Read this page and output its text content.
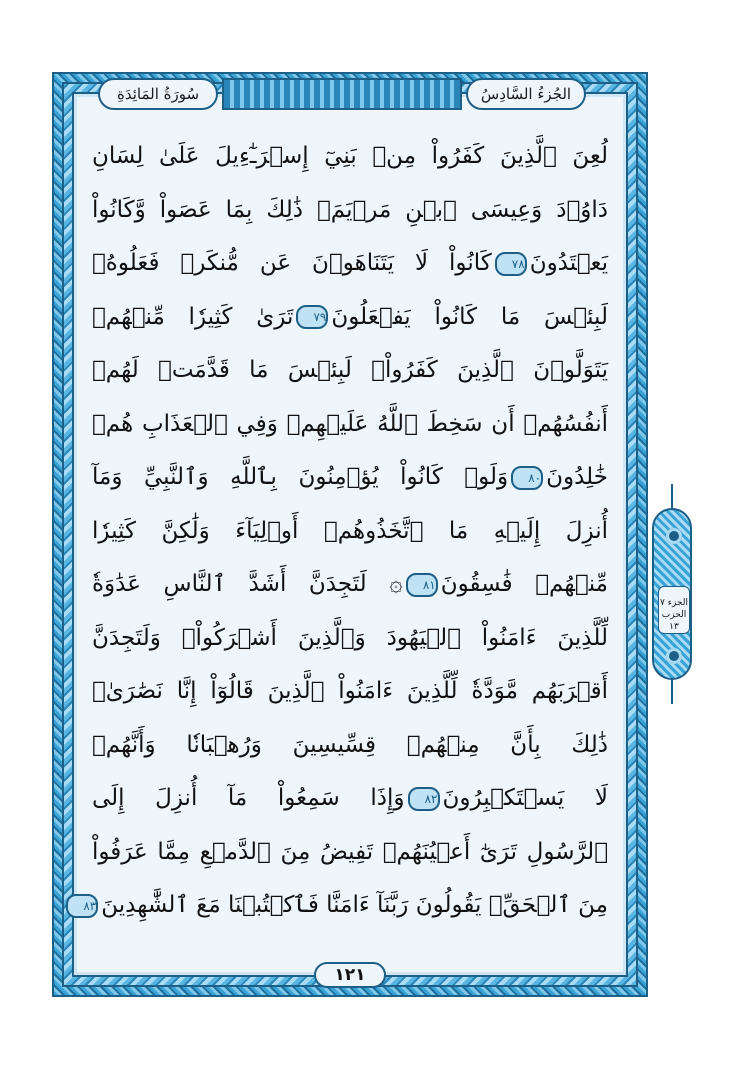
الجُزءُ السَّادِسُ
سُورَةُ المَائِدَةِ
لُعِنَ ٱلَّذِينَ كَفَرُواْ مِنۢ بَنِيٓ إِسۡرَـٰٓءِيلَ عَلَىٰ لِسَانِ
دَاوُۥدَ وَعِيسَى ٱبۡنِ مَرۡيَمَۚ ذَٰلِكَ بِمَا عَصَواْ وَّكَانُواْ
يَعۡتَدُونَ٧٨كَانُواْ لَا يَتَنَاهَوۡنَ عَن مُّنكَرٖ فَعَلُوهُۚ
لَبِئۡسَ مَا كَانُواْ يَفۡعَلُونَ٧٩تَرَىٰ كَثِيرٗا مِّنۡهُمۡ
يَتَوَلَّوۡنَ ٱلَّذِينَ كَفَرُواْۚ لَبِئۡسَ مَا قَدَّمَتۡ لَهُمۡ
أَنفُسُهُمۡ أَن سَخِطَ ٱللَّهُ عَلَيۡهِمۡ وَفِي ٱلۡعَذَابِ هُمۡ
خَٰلِدُونَ٨٠وَلَوۡ كَانُواْ يُؤۡمِنُونَ بِٱللَّهِ وَٱلنَّبِيِّ وَمَآ
أُنزِلَ إِلَيۡهِ مَا ٱتَّخَذُوهُمۡ أَوۡلِيَآءَ وَلَٰكِنَّ كَثِيرٗا
مِّنۡهُمۡ فَٰسِقُونَ٨١۞ لَتَجِدَنَّ أَشَدَّ ٱلنَّاسِ عَدَٰوَةٗ
لِّلَّذِينَ ءَامَنُواْ ٱلۡيَهُودَ وَٱلَّذِينَ أَشۡرَكُواْۖ وَلَتَجِدَنَّ
أَقۡرَبَهُم مَّوَدَّةٗ لِّلَّذِينَ ءَامَنُواْ ٱلَّذِينَ قَالُوٓاْ إِنَّا نَصَٰرَىٰۚ
ذَٰلِكَ بِأَنَّ مِنۡهُمۡ قِسِّيسِينَ وَرُهۡبَانٗا وَأَنَّهُمۡ
لَا يَسۡتَكۡبِرُونَ٨٢وَإِذَا سَمِعُواْ مَآ أُنزِلَ إِلَى
ٱلرَّسُولِ تَرَىٰٓ أَعۡيُنَهُمۡ تَفِيضُ مِنَ ٱلدَّمۡعِ مِمَّا عَرَفُواْ
مِنَ ٱلۡحَقِّۖ يَقُولُونَ رَبَّنَآ ءَامَنَّا فَٱكۡتُبۡنَا مَعَ ٱلشَّٰهِدِينَ٨٣
١٢١
الجزء ٧
الحزب ١٣
